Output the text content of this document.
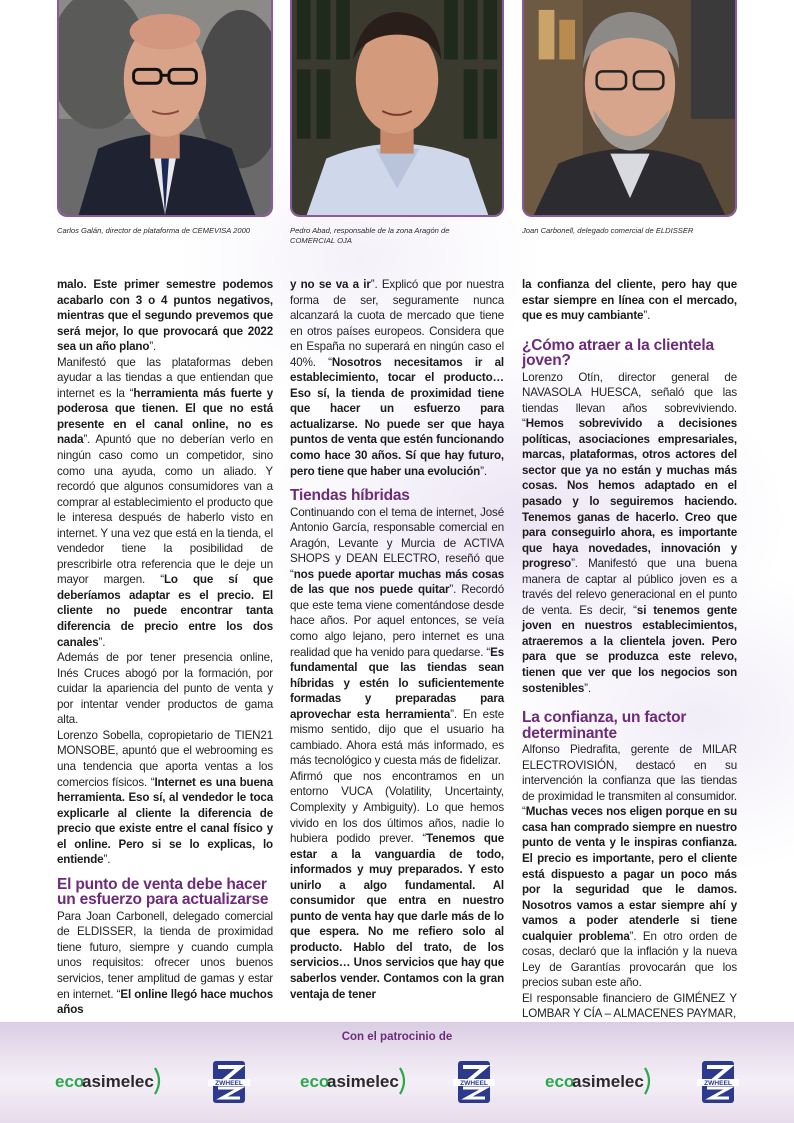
Carlos Galán, director de plataforma de CEMEVISA 2000	Pedro Abad, responsable de la zona Aragón de COMERCIAL OJA
Joan Carbonell, delegado comercial de ELDISSER

malo. Este primer semestre podemos acabarlo con 3 o 4 puntos negativos, mientras que el segundo prevemos que será mejor, lo que provocará que 2022 sea un año plano”.

Manifestó que las plataformas deben ayudar a las tiendas a que entiendan que internet es la “herramienta más fuerte y poderosa que tienen. El que no está presente en el canal online, no es nada”. Apuntó que no deberían verlo en ningún caso como un competidor, sino como una ayuda, como un aliado. Y recordó que algunos consumidores van a comprar al establecimiento el producto que le interesa después de haberlo visto en internet. Y una vez que está en la tienda, el vendedor tiene la posibilidad de prescribirle otra referencia que le deje un mayor margen. “Lo que sí que deberíamos adaptar es el precio. El cliente no puede encontrar tanta diferencia de precio entre los dos canales”.

Además de por tener presencia online, Inés Cruces abogó por la formación, por cuidar la apariencia del punto de venta y por intentar vender productos de gama alta.

Lorenzo Sobella, copropietario de TIEN21 MONSOBE, apuntó que el webrooming es una tendencia que aporta ventas a los comercios físicos. “Internet es una buena herramienta. Eso sí, al vendedor le toca explicarle al cliente la diferencia de precio que existe entre el canal físico y el online. Pero si se lo explicas, lo entiende”.

El punto de venta debe hacer un esfuerzo para actualizarse

Para Joan Carbonell, delegado comercial de ELDISSER, la tienda de proximidad tiene futuro, siempre y cuando cumpla unos requisitos: ofrecer unos buenos servicios, tener amplitud de gamas y estar en internet. “El online llegó hace muchos años

y no se va a ir”. Explicó que por nuestra forma de ser, seguramente nunca alcanzará la cuota de mercado que tiene en otros países europeos. Considera que en España no superará en ningún caso el 40%. “Nosotros necesitamos ir al establecimiento, tocar el producto… Eso sí, la tienda de proximidad tiene que hacer un esfuerzo para actualizarse. No puede ser que haya puntos de venta que estén funcionando como hace 30 años. Sí que hay futuro, pero tiene que haber una evolución”.

Tiendas híbridas

Continuando con el tema de internet, José Antonio García, responsable comercial en Aragón, Levante y Murcia de ACTIVA SHOPS y DEAN ELECTRO, reseñó que “nos puede aportar muchas más cosas de las que nos puede quitar”. Recordó que este tema viene comentándose desde hace años. Por aquel entonces, se veía como algo lejano, pero internet es una realidad que ha venido para quedarse. “Es fundamental que las tiendas sean híbridas y estén lo suficientemente formadas y preparadas para aprovechar esta herramienta”. En este mismo sentido, dijo que el usuario ha cambiado. Ahora está más informado, es más tecnológico y cuesta más de fidelizar.

Afirmó que nos encontramos en un entorno VUCA (Volatility, Uncertainty, Complexity y Ambiguity). Lo que hemos vivido en los dos últimos años, nadie lo hubiera podido prever. “Tenemos que estar a la vanguardia de todo, informados y muy preparados. Y esto unirlo a algo fundamental. Al consumidor que entra en nuestro punto de venta hay que darle más de lo que espera. No me refiero solo al producto. Hablo del trato, de los servicios… Unos servicios que hay que saberlos vender. Contamos con la gran ventaja de tener

la confianza del cliente, pero hay que estar siempre en línea con el mercado, que es muy cambiante”.

¿Cómo atraer a la clientela joven?

Lorenzo Otín, director general de NAVASOLA HUESCA, señaló que las tiendas llevan años sobreviviendo. “Hemos sobrevivido a decisiones políticas, asociaciones empresariales, marcas, plataformas, otros actores del sector que ya no están y muchas más cosas. Nos hemos adaptado en el pasado y lo seguiremos haciendo. Tenemos ganas de hacerlo. Creo que para conseguirlo ahora, es importante que haya novedades, innovación y progreso”. Manifestó que una buena manera de captar al público joven es a través del relevo generacional en el punto de venta. Es decir, “si tenemos gente joven en nuestros establecimientos, atraeremos a la clientela joven. Pero para que se produzca este relevo, tienen que ver que los negocios son sostenibles”.

La confianza, un factor determinante

Alfonso Piedrafita, gerente de MILAR ELECTROVISIÓN, destacó en su intervención la confianza que las tiendas de proximidad le transmiten al consumidor. “Muchas veces nos eligen porque en su casa han comprado siempre en nuestro punto de venta y le inspiras confianza. El precio es importante, pero el cliente está dispuesto a pagar un poco más por la seguridad que le damos. Nosotros vamos a estar siempre ahí y vamos a poder atenderle si tiene cualquier problema”. En otro orden de cosas, declaró que la inflación y la nueva Ley de Garantías provocarán que los precios suban este año.

El responsable financiero de GIMÉNEZ Y LOMBAR Y CÍA – ALMACENES PAYMAR,

Con el patrocinio de
eco
asimelec	ZWHEEL	eco
asimelec	ZWHEEL	eco
asimelec	ZWHEEL
